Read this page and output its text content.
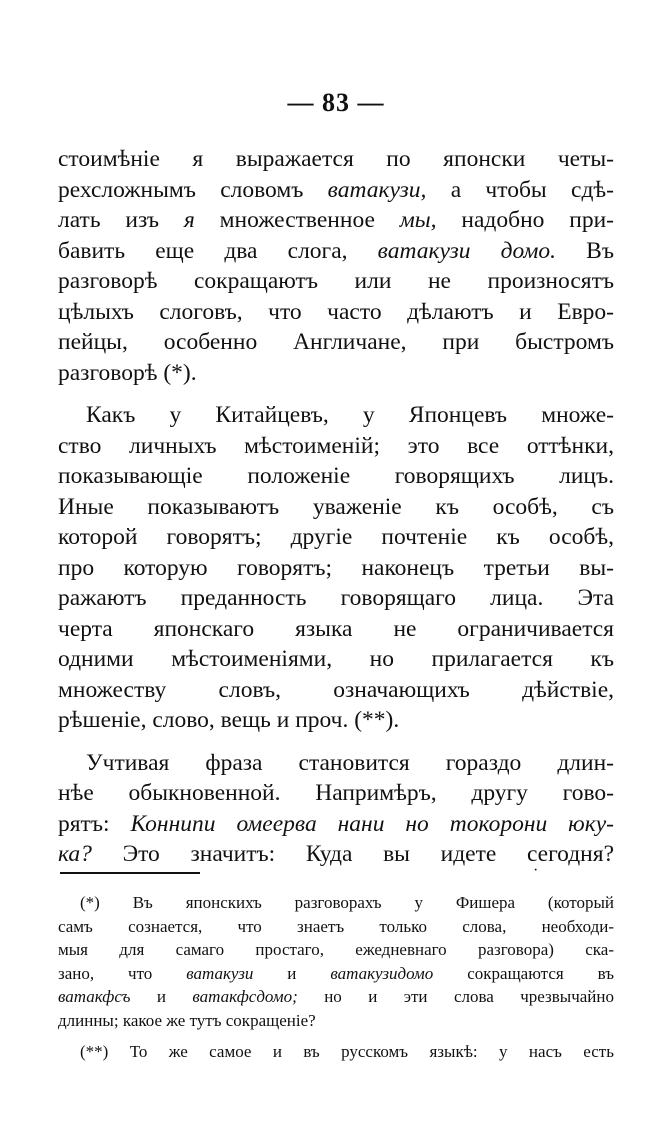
— 83 —
стоимѣніе я выражается по японски четы-
рехсложнымъ словомъ ватакузи, а чтобы сдѣ-
лать изъ я множественное мы, надобно при-
бавить еще два слога, ватакузи домо. Въ
разговорѣ сокращаютъ или не произносятъ
цѣлыхъ слоговъ, что часто дѣлаютъ и Евро-
пейцы, особенно Англичане, при быстромъ
разговорѣ (*).
Какъ у Китайцевъ, у Японцевъ множе-
ство личныхъ мѣстоименій; это все оттѣнки,
показывающіе положеніе говорящихъ лицъ.
Иные показываютъ уваженіе къ особѣ, съ
которой говорятъ; другіе почтеніе къ особѣ,
про которую говорятъ; наконецъ третьи вы-
ражаютъ преданность говорящаго лица. Эта
черта японскаго языка не ограничивается
одними мѣстоименіями, но прилагается къ
множеству словъ, означающихъ дѣйствіе,
рѣшеніе, слово, вещь и проч. (**).
Учтивая фраза становится гораздо длин-
нѣе обыкновенной. Напримѣръ, другу гово-
рятъ: Коннипи омеерва нани но токорони юку-
ка? Это значитъ: Куда вы идете сегодня?
·
(*) Въ японскихъ разговорахъ у Фишера (который
самъ сознается, что знаетъ только слова, необходи-
мыя для самаго простаго, ежедневнаго разговора) ска-
зано, что ватакузи и ватакузидомо сокращаются въ
ватакфсъ и ватакфсдомо; но и эти слова чрезвычайно
длинны; какое же тутъ сокращеніе?
(**) То же самое и въ русскомъ языкѣ: у насъ есть
